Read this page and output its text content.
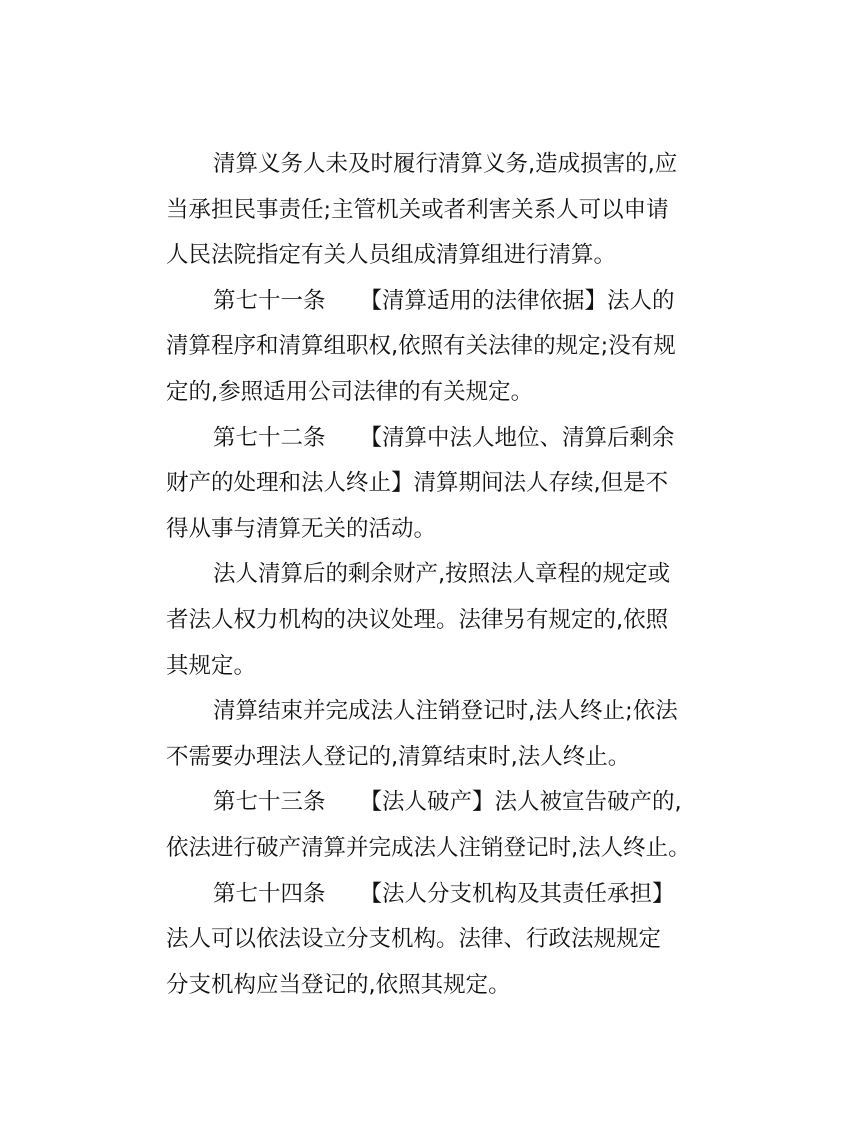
清算义务人未及时履行清算义务,造成损害的,应
当承担民事责任;主管机关或者利害关系人可以申请
人民法院指定有关人员组成清算组进行清算。
第七十一条 【清算适用的法律依据】法人的
清算程序和清算组职权,依照有关法律的规定;没有规
定的,参照适用公司法律的有关规定。
第七十二条 【清算中法人地位、清算后剩余
财产的处理和法人终止】清算期间法人存续,但是不
得从事与清算无关的活动。
法人清算后的剩余财产,按照法人章程的规定或
者法人权力机构的决议处理。法律另有规定的,依照
其规定。
清算结束并完成法人注销登记时,法人终止;依法
不需要办理法人登记的,清算结束时,法人终止。
第七十三条 【法人破产】法人被宣告破产的,
依法进行破产清算并完成法人注销登记时,法人终止。
第七十四条 【法人分支机构及其责任承担】
法人可以依法设立分支机构。法律、行政法规规定
分支机构应当登记的,依照其规定。
